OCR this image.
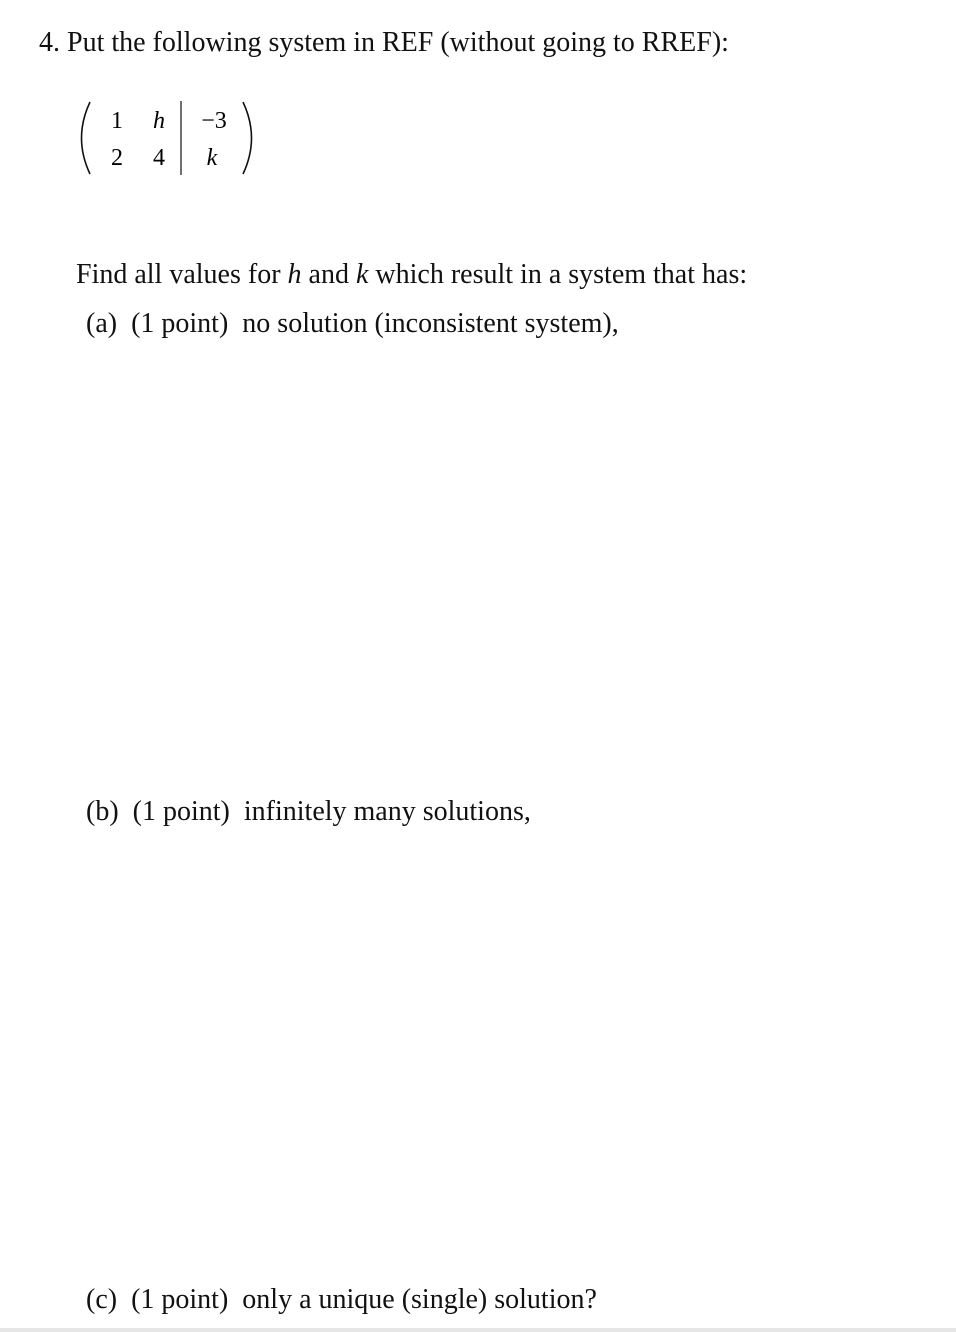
4. Put the following system in REF (without going to RREF):
1 h −3
2 4 k
Find all values for h and k which result in a system that has:
(a) (1 point) no solution (inconsistent system),
(b) (1 point) infinitely many solutions,
(c) (1 point) only a unique (single) solution?
